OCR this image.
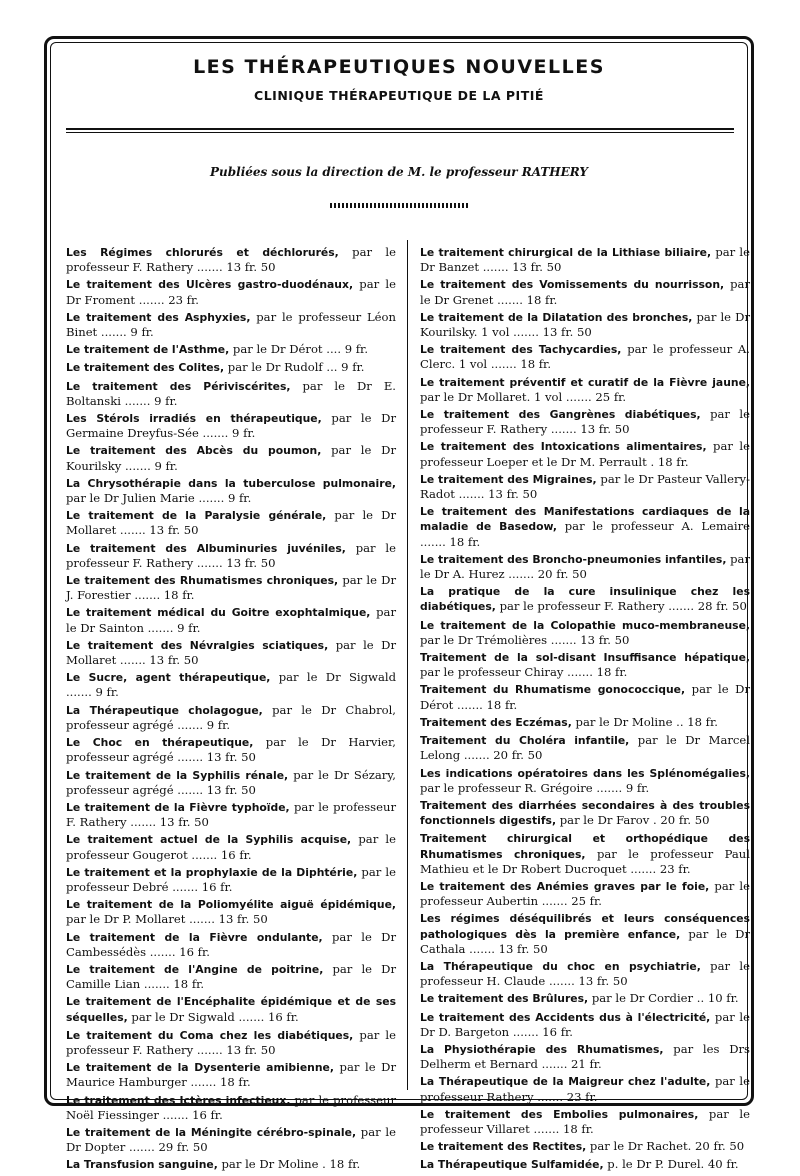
LES THÉRAPEUTIQUES NOUVELLES
CLINIQUE THÉRAPEUTIQUE DE LA PITIÉ
Publiées sous la direction de M. le professeur RATHERY
Les Régimes chlorurés et déchlorurés, par le professeur F. Rathery ....... 13 fr. 50
Le traitement des Ulcères gastro-duodénaux, par le Dr Froment ....... 23 fr.
Le traitement des Asphyxies, par le professeur Léon Binet ....... 9 fr.
Le traitement de l'Asthme, par le Dr Dérot .... 9 fr.
Le traitement des Colites, par le Dr Rudolf ... 9 fr.
Le traitement des Périviscérites, par le Dr E. Boltanski ....... 9 fr.
Les Stérols irradiés en thérapeutique, par le Dr Germaine Dreyfus-Sée ....... 9 fr.
Le traitement des Abcès du poumon, par le Dr Kourilsky ....... 9 fr.
La Chrysothérapie dans la tuberculose pulmonaire, par le Dr Julien Marie ....... 9 fr.
Le traitement de la Paralysie générale, par le Dr Mollaret ....... 13 fr. 50
Le traitement des Albuminuries juvéniles, par le professeur F. Rathery ....... 13 fr. 50
Le traitement des Rhumatismes chroniques, par le Dr J. Forestier ....... 18 fr.
Le traitement médical du Goitre exophtalmique, par le Dr Sainton ....... 9 fr.
Le traitement des Névralgies sciatiques, par le Dr Mollaret ....... 13 fr. 50
Le Sucre, agent thérapeutique, par le Dr Sigwald ....... 9 fr.
La Thérapeutique cholagogue, par le Dr Chabrol, professeur agrégé ....... 9 fr.
Le Choc en thérapeutique, par le Dr Harvier, professeur agrégé ....... 13 fr. 50
Le traitement de la Syphilis rénale, par le Dr Sézary, professeur agrégé ....... 13 fr. 50
Le traitement de la Fièvre typhoïde, par le professeur F. Rathery ....... 13 fr. 50
Le traitement actuel de la Syphilis acquise, par le professeur Gougerot ....... 16 fr.
Le traitement et la prophylaxie de la Diphtérie, par le professeur Debré ....... 16 fr.
Le traitement de la Poliomyélite aiguë épidémique, par le Dr P. Mollaret ....... 13 fr. 50
Le traitement de la Fièvre ondulante, par le Dr Cambessédès ....... 16 fr.
Le traitement de l'Angine de poitrine, par le Dr Camille Lian ....... 18 fr.
Le traitement de l'Encéphalite épidémique et de ses séquelles, par le Dr Sigwald ....... 16 fr.
Le traitement du Coma chez les diabétiques, par le professeur F. Rathery ....... 13 fr. 50
Le traitement de la Dysenterie amibienne, par le Dr Maurice Hamburger ....... 18 fr.
Le traitement des Ictères infectieux, par le professeur Noël Fiessinger ....... 16 fr.
Le traitement de la Méningite cérébro-spinale, par le Dr Dopter ....... 29 fr. 50
La Transfusion sanguine, par le Dr Moline . 18 fr.
Le traitement chirurgical de la Lithiase biliaire, par le Dr Banzet ....... 13 fr. 50
Le traitement des Vomissements du nourrisson, par le Dr Grenet ....... 18 fr.
Le traitement de la Dilatation des bronches, par le Dr Kourilsky. 1 vol ....... 13 fr. 50
Le traitement des Tachycardies, par le professeur A. Clerc. 1 vol ....... 18 fr.
Le traitement préventif et curatif de la Fièvre jaune, par le Dr Mollaret. 1 vol ....... 25 fr.
Le traitement des Gangrènes diabétiques, par le professeur F. Rathery ....... 13 fr. 50
Le traitement des Intoxications alimentaires, par le professeur Loeper et le Dr M. Perrault . 18 fr.
Le traitement des Migraines, par le Dr Pasteur Vallery-Radot ....... 13 fr. 50
Le traitement des Manifestations cardiaques de la maladie de Basedow, par le professeur A. Lemaire ....... 18 fr.
Le traitement des Broncho-pneumonies infantiles, par le Dr A. Hurez ....... 20 fr. 50
La pratique de la cure insulinique chez les diabétiques, par le professeur F. Rathery ....... 28 fr. 50
Le traitement de la Colopathie muco-membraneuse, par le Dr Trémolières ....... 13 fr. 50
Traitement de la sol-disant Insuffisance hépatique, par le professeur Chiray ....... 18 fr.
Traitement du Rhumatisme gonococcique, par le Dr Dérot ....... 18 fr.
Traitement des Eczémas, par le Dr Moline .. 18 fr.
Traitement du Choléra infantile, par le Dr Marcel Lelong ....... 20 fr. 50
Les indications opératoires dans les Splénomégalies, par le professeur R. Grégoire ....... 9 fr.
Traitement des diarrhées secondaires à des troubles fonctionnels digestifs, par le Dr Farov . 20 fr. 50
Traitement chirurgical et orthopédique des Rhumatismes chroniques, par le professeur Paul Mathieu et le Dr Robert Ducroquet ....... 23 fr.
Le traitement des Anémies graves par le foie, par le professeur Aubertin ....... 25 fr.
Les régimes déséquilibrés et leurs conséquences pathologiques dès la première enfance, par le Dr Cathala ....... 13 fr. 50
La Thérapeutique du choc en psychiatrie, par le professeur H. Claude ....... 13 fr. 50
Le traitement des Brûlures, par le Dr Cordier .. 10 fr.
Le traitement des Accidents dus à l'électricité, par le Dr D. Bargeton ....... 16 fr.
La Physiothérapie des Rhumatismes, par les Drs Delherm et Bernard ....... 21 fr.
La Thérapeutique de la Maigreur chez l'adulte, par le professeur Rathery ....... 23 fr.
Le traitement des Embolies pulmonaires, par le professeur Villaret ....... 18 fr.
Le traitement des Rectites, par le Dr Rachet. 20 fr. 50
La Thérapeutique Sulfamidée, p. le Dr P. Durel. 40 fr.
